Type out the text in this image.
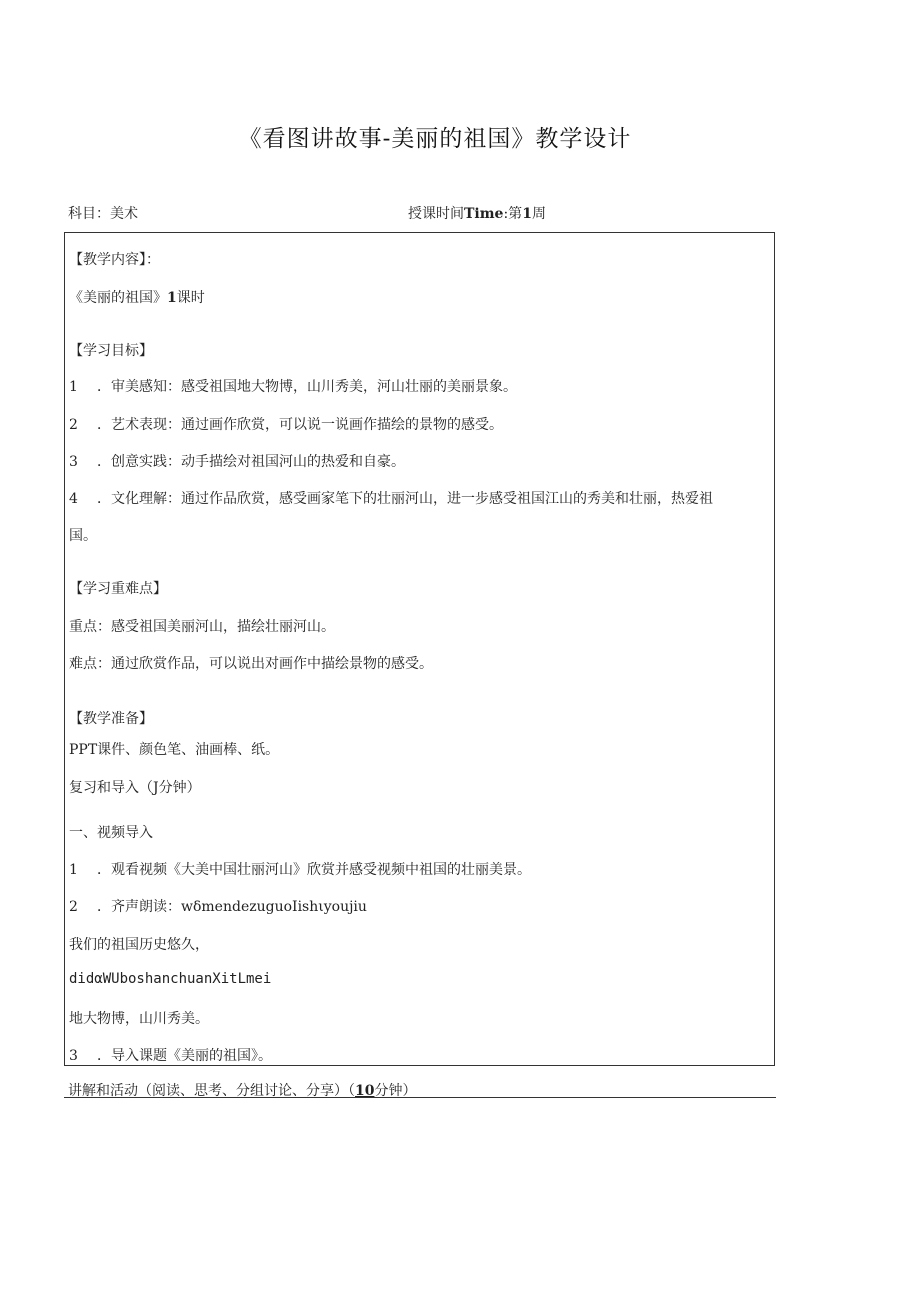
《看图讲故事-美丽的祖国》教学设计
科目：美术	授课时间Time:第1周
【教学内容】：
《美丽的祖国》1课时
【学习目标】
1 ．审美感知：感受祖国地大物博，山川秀美，河山壮丽的美丽景象。
2 ．艺术表现：通过画作欣赏，可以说一说画作描绘的景物的感受。
3 ．创意实践：动手描绘对祖国河山的热爱和自豪。
4 ．文化理解：通过作品欣赏，感受画家笔下的壮丽河山，进一步感受祖国江山的秀美和壮丽，热爱祖
国。
【学习重难点】
重点：感受祖国美丽河山，描绘壮丽河山。
难点：通过欣赏作品，可以说出对画作中描绘景物的感受。
【教学准备】
PPT课件、颜色笔、油画棒、纸。
复习和导入（J分钟）
一、视频导入
1 ．观看视频《大美中国壮丽河山》欣赏并感受视频中祖国的壮丽美景。
2 ．齐声朗读：wδmendezuguoIishιyoujiu
我们的祖国历史悠久，
didαWUboshanchuanXitLmei
地大物博，山川秀美。
3 ．导入课题《美丽的祖国》。
讲解和活动（阅读、思考、分组讨论、分享）（10分钟）
